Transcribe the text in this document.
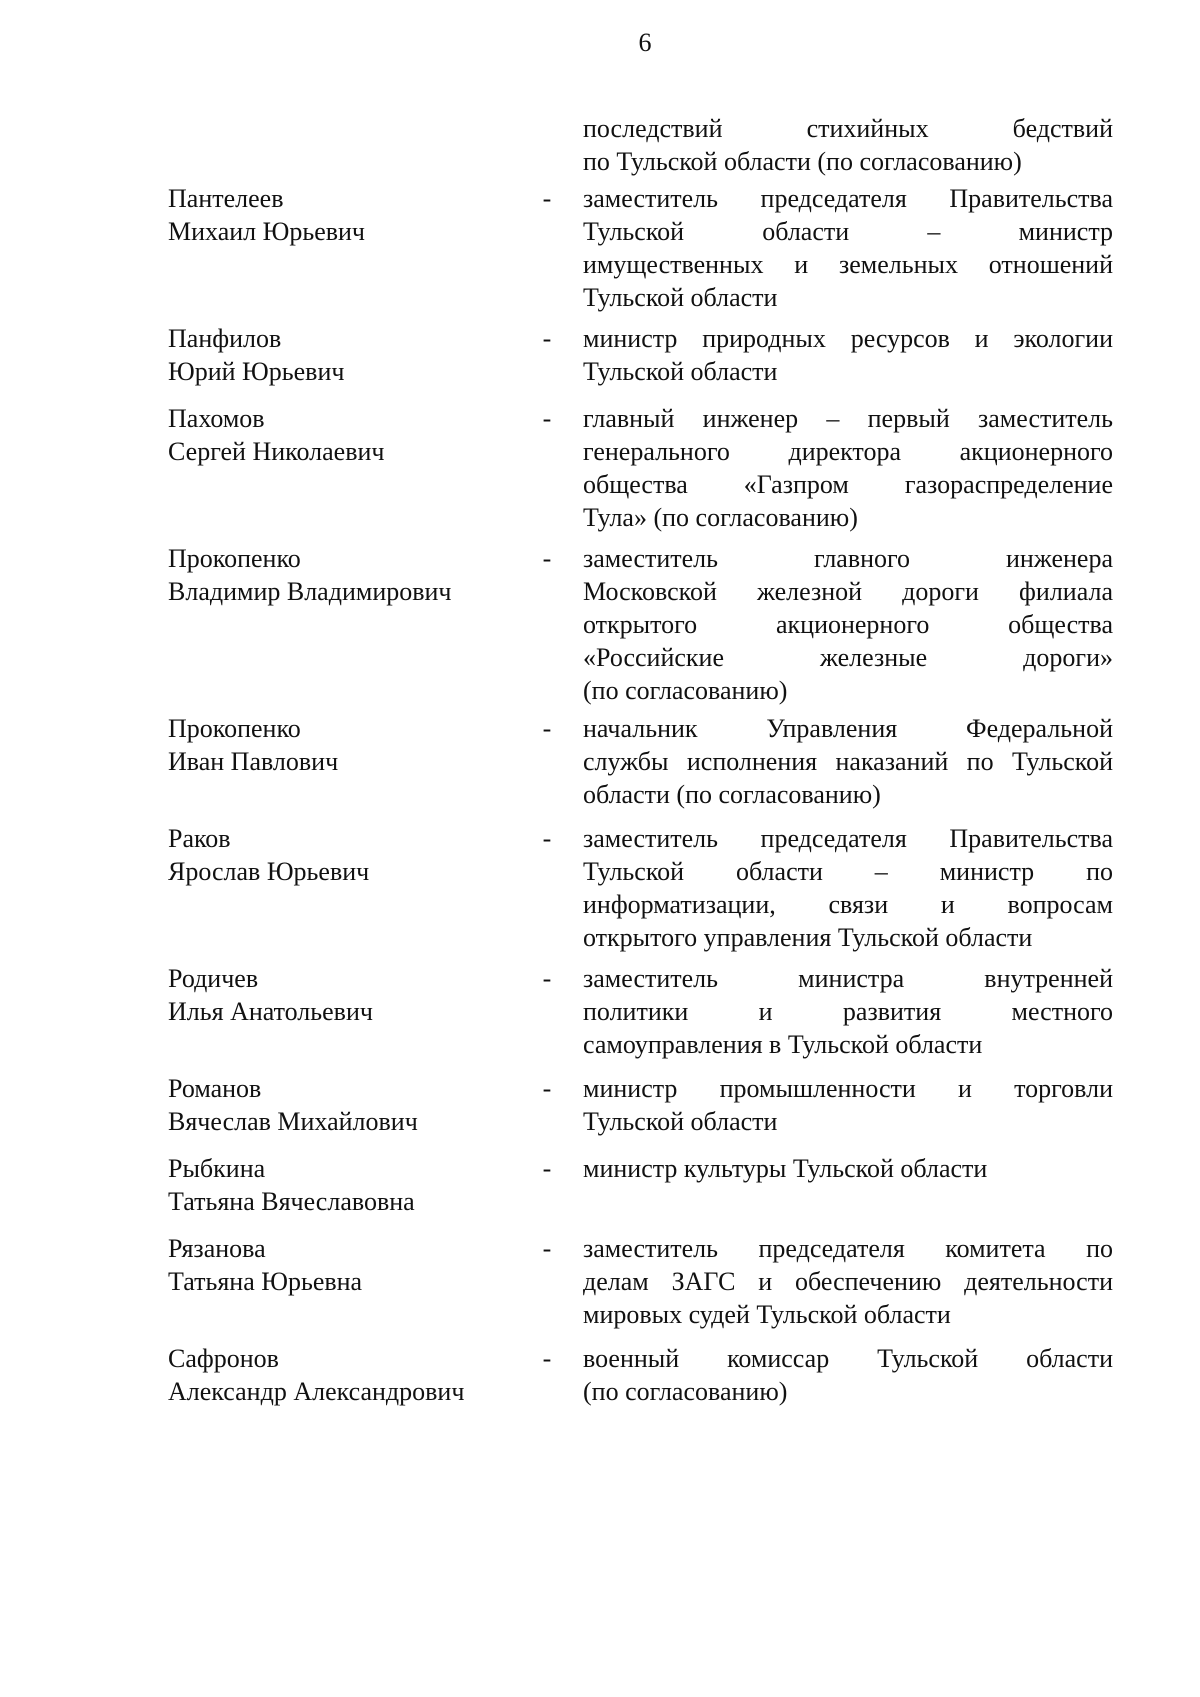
6
последствий стихийных бедствий
по Тульской области (по согласованию)
Пантелеев
Михаил Юрьевич
- заместитель председателя Правительства
Тульской области – министр
имущественных и земельных отношений
Тульской области
Панфилов
Юрий Юрьевич
- министр природных ресурсов и экологии
Тульской области
Пахомов
Сергей Николаевич
- главный инженер – первый заместитель
генерального директора акционерного
общества «Газпром газораспределение
Тула» (по согласованию)
Прокопенко
Владимир Владимирович
- заместитель главного инженера
Московской железной дороги филиала
открытого акционерного общества
«Российские железные дороги»
(по согласованию)
Прокопенко
Иван Павлович
- начальник Управления Федеральной
службы исполнения наказаний по Тульской
области (по согласованию)
Раков
Ярослав Юрьевич
- заместитель председателя Правительства
Тульской области – министр по
информатизации, связи и вопросам
открытого управления Тульской области
Родичев
Илья Анатольевич
- заместитель министра внутренней
политики и развития местного
самоуправления в Тульской области
Романов
Вячеслав Михайлович
- министр промышленности и торговли
Тульской области
Рыбкина
Татьяна Вячеславовна
- министр культуры Тульской области
Рязанова
Татьяна Юрьевна
- заместитель председателя комитета по
делам ЗАГС и обеспечению деятельности
мировых судей Тульской области
Сафронов
Александр Александрович
- военный комиссар Тульской области
(по согласованию)
